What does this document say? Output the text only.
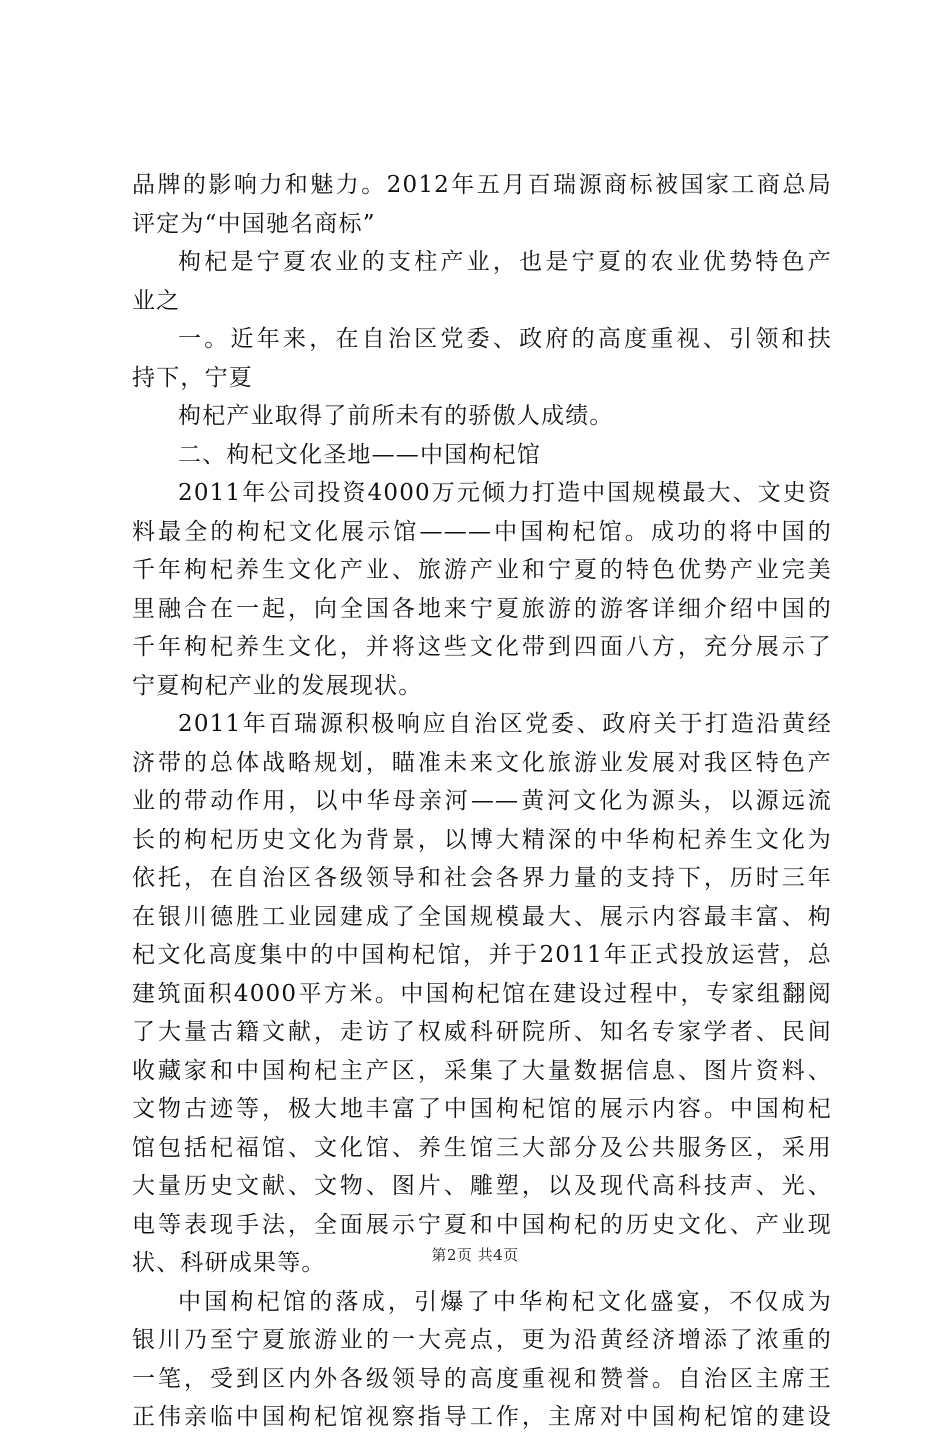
品牌的影响力和魅力。2012年五月百瑞源商标被国家工商总局
评定为“中国驰名商标”
枸杞是宁夏农业的支柱产业，也是宁夏的农业优势特色产
业之
一。近年来，在自治区党委、政府的高度重视、引领和扶
持下，宁夏
枸杞产业取得了前所未有的骄傲人成绩。
二、枸杞文化圣地——中国枸杞馆
2011年公司投资4000万元倾力打造中国规模最大、文史资
料最全的枸杞文化展示馆———中国枸杞馆。成功的将中国的
千年枸杞养生文化产业、旅游产业和宁夏的特色优势产业完美
里融合在一起，向全国各地来宁夏旅游的游客详细介绍中国的
千年枸杞养生文化，并将这些文化带到四面八方，充分展示了
宁夏枸杞产业的发展现状。
2011年百瑞源积极响应自治区党委、政府关于打造沿黄经
济带的总体战略规划，瞄准未来文化旅游业发展对我区特色产
业的带动作用，以中华母亲河——黄河文化为源头，以源远流
长的枸杞历史文化为背景，以博大精深的中华枸杞养生文化为
依托，在自治区各级领导和社会各界力量的支持下，历时三年
在银川德胜工业园建成了全国规模最大、展示内容最丰富、枸
杞文化高度集中的中国枸杞馆，并于2011年正式投放运营，总
建筑面积4000平方米。中国枸杞馆在建设过程中，专家组翻阅
了大量古籍文献，走访了权威科研院所、知名专家学者、民间
收藏家和中国枸杞主产区，采集了大量数据信息、图片资料、
文物古迹等，极大地丰富了中国枸杞馆的展示内容。中国枸杞
馆包括杞福馆、文化馆、养生馆三大部分及公共服务区，采用
大量历史文献、文物、图片、雕塑，以及现代高科技声、光、
电等表现手法，全面展示宁夏和中国枸杞的历史文化、产业现
状、科研成果等。
中国枸杞馆的落成，引爆了中华枸杞文化盛宴，不仅成为
银川乃至宁夏旅游业的一大亮点，更为沿黄经济增添了浓重的
一笔，受到区内外各级领导的高度重视和赞誉。自治区主席王
正伟亲临中国枸杞馆视察指导工作，主席对中国枸杞馆的建设
第2页 共4页
